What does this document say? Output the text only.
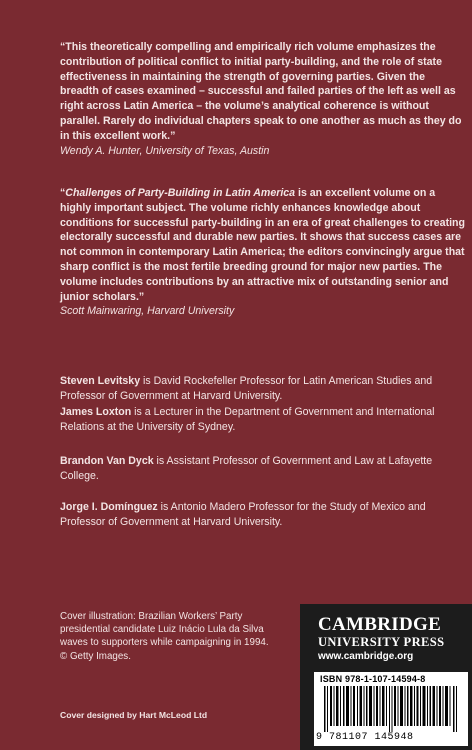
“This theoretically compelling and empirically rich volume emphasizes the contribution of political conflict to initial party-building, and the role of state effectiveness in maintaining the strength of governing parties. Given the breadth of cases examined – successful and failed parties of the left as well as right across Latin America – the volume’s analytical coherence is without parallel. Rarely do individual chapters speak to one another as much as they do in this excellent work.”

Wendy A. Hunter, University of Texas, Austin

“Challenges of Party-Building in Latin America is an excellent volume on a highly important subject. The volume richly enhances knowledge about conditions for successful party-building in an era of great challenges to creating electorally successful and durable new parties. It shows that success cases are not common in contemporary Latin America; the editors convincingly argue that sharp conflict is the most fertile breeding ground for major new parties. The volume includes contributions by an attractive mix of outstanding senior and junior scholars.”

Scott Mainwaring, Harvard University

Steven Levitsky is David Rockefeller Professor for Latin American Studies and Professor of Government at Harvard University.

James Loxton is a Lecturer in the Department of Government and International Relations at the University of Sydney.

Brandon Van Dyck is Assistant Professor of Government and Law at Lafayette College.

Jorge I. Domínguez is Antonio Madero Professor for the Study of Mexico and Professor of Government at Harvard University.

Cover illustration: Brazilian Workers’ Party presidential candidate Luiz Inácio Lula da Silva waves to supporters while campaigning in 1994. © Getty Images.
Cover designed by Hart McLeod Ltd
CAMBRIDGE
UNIVERSITY PRESS
www.cambridge.org
ISBN 978-1-107-14594-8
9 781107 145948
